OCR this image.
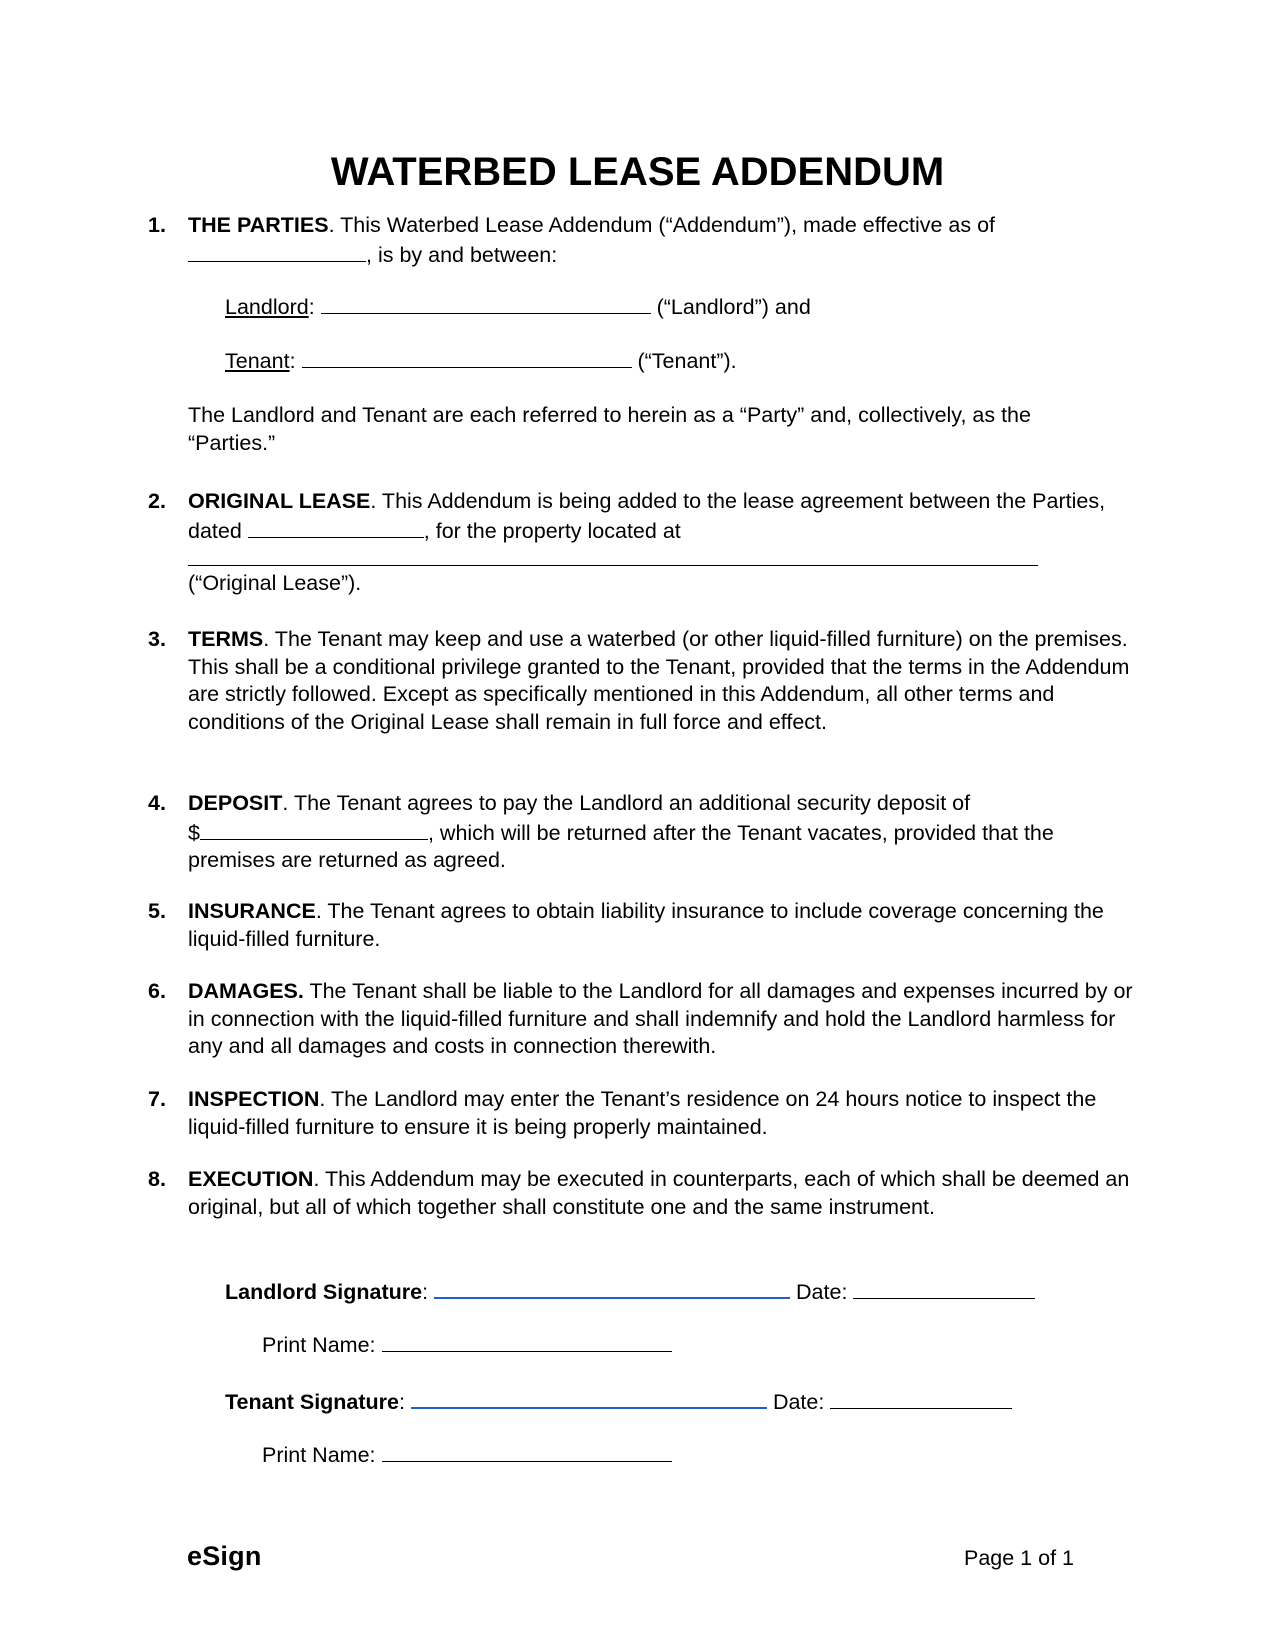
WATERBED LEASE ADDENDUM
1.	THE PARTIES. This Waterbed Lease Addendum (“Addendum”), made effective as of
, is by and between:
Landlord:	(“Landlord”) and
Tenant:	(“Tenant”).
The Landlord and Tenant are each referred to herein as a “Party” and, collectively, as the “Parties.”
2.	ORIGINAL LEASE. This Addendum is being added to the lease agreement between the Parties, dated	, for the property located at
(“Original Lease”).
3.	TERMS. The Tenant may keep and use a waterbed (or other liquid-filled furniture) on the premises. This shall be a conditional privilege granted to the Tenant, provided that the terms in the Addendum are strictly followed. Except as specifically mentioned in this Addendum, all other terms and conditions of the Original Lease shall remain in full force and effect.
4.	DEPOSIT. The Tenant agrees to pay the Landlord an additional security deposit of
$	, which will be returned after the Tenant vacates, provided that the premises are returned as agreed.
5.	INSURANCE. The Tenant agrees to obtain liability insurance to include coverage concerning the liquid-filled furniture.
6.	DAMAGES. The Tenant shall be liable to the Landlord for all damages and expenses incurred by or in connection with the liquid-filled furniture and shall indemnify and hold the Landlord harmless for any and all damages and costs in connection therewith.
7.	INSPECTION. The Landlord may enter the Tenant’s residence on 24 hours notice to inspect the liquid-filled furniture to ensure it is being properly maintained.
8.	EXECUTION. This Addendum may be executed in counterparts, each of which shall be deemed an original, but all of which together shall constitute one and the same instrument.
Landlord Signature:	Date:
Print Name:
Tenant Signature:	Date:
Print Name:
eSign	Page 1 of 1
